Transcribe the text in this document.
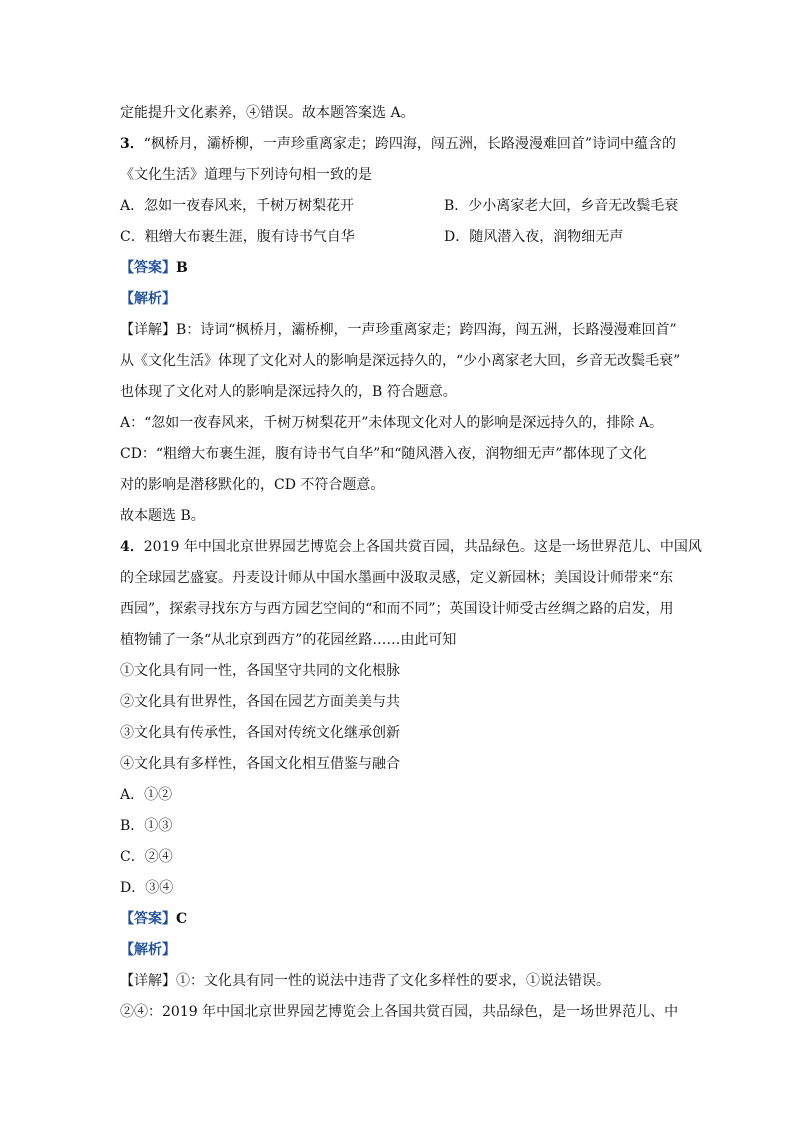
定能提升文化素养，④错误。故本题答案选 A。
3．“枫桥月，灞桥柳，一声珍重离家走；跨四海，闯五洲，长路漫漫难回首”诗词中蕴含的
《文化生活》道理与下列诗句相一致的是
A．忽如一夜春风来，千树万树梨花开	B．少小离家老大回，乡音无改鬓毛衰
C．粗缯大布裹生涯，腹有诗书气自华	D．随风潜入夜，润物细无声
【答案】B
【解析】
【详解】B：诗词“枫桥月，灞桥柳，一声珍重离家走；跨四海，闯五洲，长路漫漫难回首”
从《文化生活》体现了文化对人的影响是深远持久的，“少小离家老大回，乡音无改鬓毛衰”
也体现了文化对人的影响是深远持久的，B 符合题意。
A：“忽如一夜春风来，千树万树梨花开”未体现文化对人的影响是深远持久的，排除 A。
CD：“粗缯大布裹生涯，腹有诗书气自华”和“随风潜入夜，润物细无声”都体现了文化
对的影响是潜移默化的，CD 不符合题意。
故本题选 B。
4．2019 年中国北京世界园艺博览会上各国共赏百园，共品绿色。这是一场世界范儿、中国风
的全球园艺盛宴。丹麦设计师从中国水墨画中汲取灵感，定义新园林；美国设计师带来“东
西园”，探索寻找东方与西方园艺空间的“和而不同”；英国设计师受古丝绸之路的启发，用
植物铺了一条“从北京到西方”的花园丝路……由此可知
①文化具有同一性，各国坚守共同的文化根脉
②文化具有世界性，各国在园艺方面美美与共
③文化具有传承性，各国对传统文化继承创新
④文化具有多样性，各国文化相互借鉴与融合
A．①②
B．①③
C．②④
D．③④
【答案】C
【解析】
【详解】①：文化具有同一性的说法中违背了文化多样性的要求，①说法错误。
②④：2019 年中国北京世界园艺博览会上各国共赏百园，共品绿色，是一场世界范儿、中
